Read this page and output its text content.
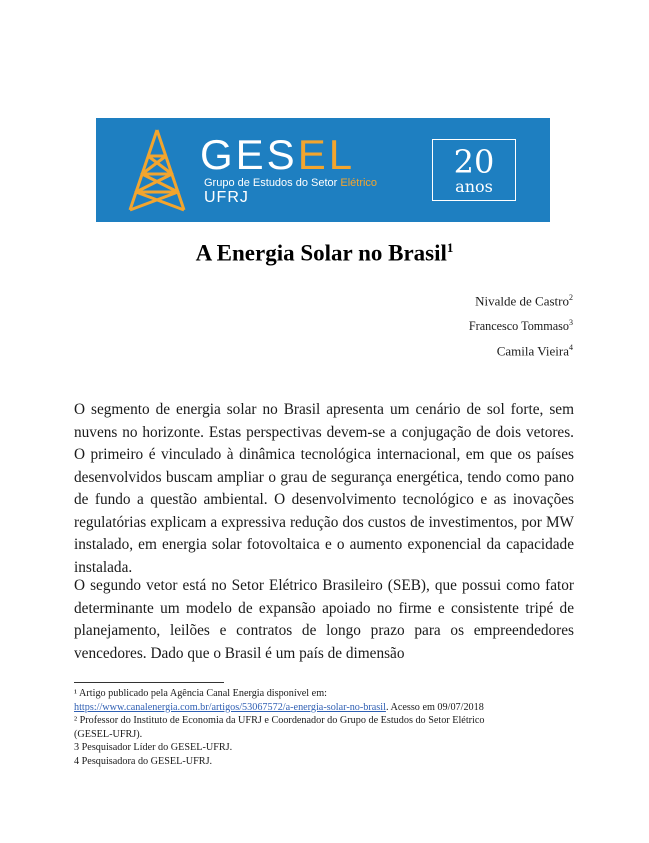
GESEL
Grupo de Estudos do Setor Elétrico
UFRJ
20
anos
A Energia Solar no Brasil$^1$
Nivalde de Castro$^2$
Francesco Tommaso$^3$
Camila Vieira$^4$

O segmento de energia solar no Brasil apresenta um cenário de sol forte, sem nuvens no horizonte. Estas perspectivas devem-se a conjugação de dois vetores. O primeiro é vinculado à dinâmica tecnológica internacional, em que os países desenvolvidos buscam ampliar o grau de segurança energética, tendo como pano de fundo a questão ambiental. O desenvolvimento tecnológico e as inovações regulatórias explicam a expressiva redução dos custos de investimentos, por MW instalado, em energia solar fotovoltaica e o aumento exponencial da capacidade instalada.

O segundo vetor está no Setor Elétrico Brasileiro (SEB), que possui como fator determinante um modelo de expansão apoiado no firme e consistente tripé de planejamento, leilões e contratos de longo prazo para os empreendedores vencedores. Dado que o Brasil é um país de dimensão

¹ Artigo publicado pela Agência Canal Energia disponível em:
https://www.canalenergia.com.br/artigos/53067572/a-energia-solar-no-brasil. Acesso em 09/07/2018
² Professor do Instituto de Economia da UFRJ e Coordenador do Grupo de Estudos do Setor Elétrico
(GESEL-UFRJ).
3 Pesquisador Líder do GESEL-UFRJ.
4 Pesquisadora do GESEL-UFRJ.
